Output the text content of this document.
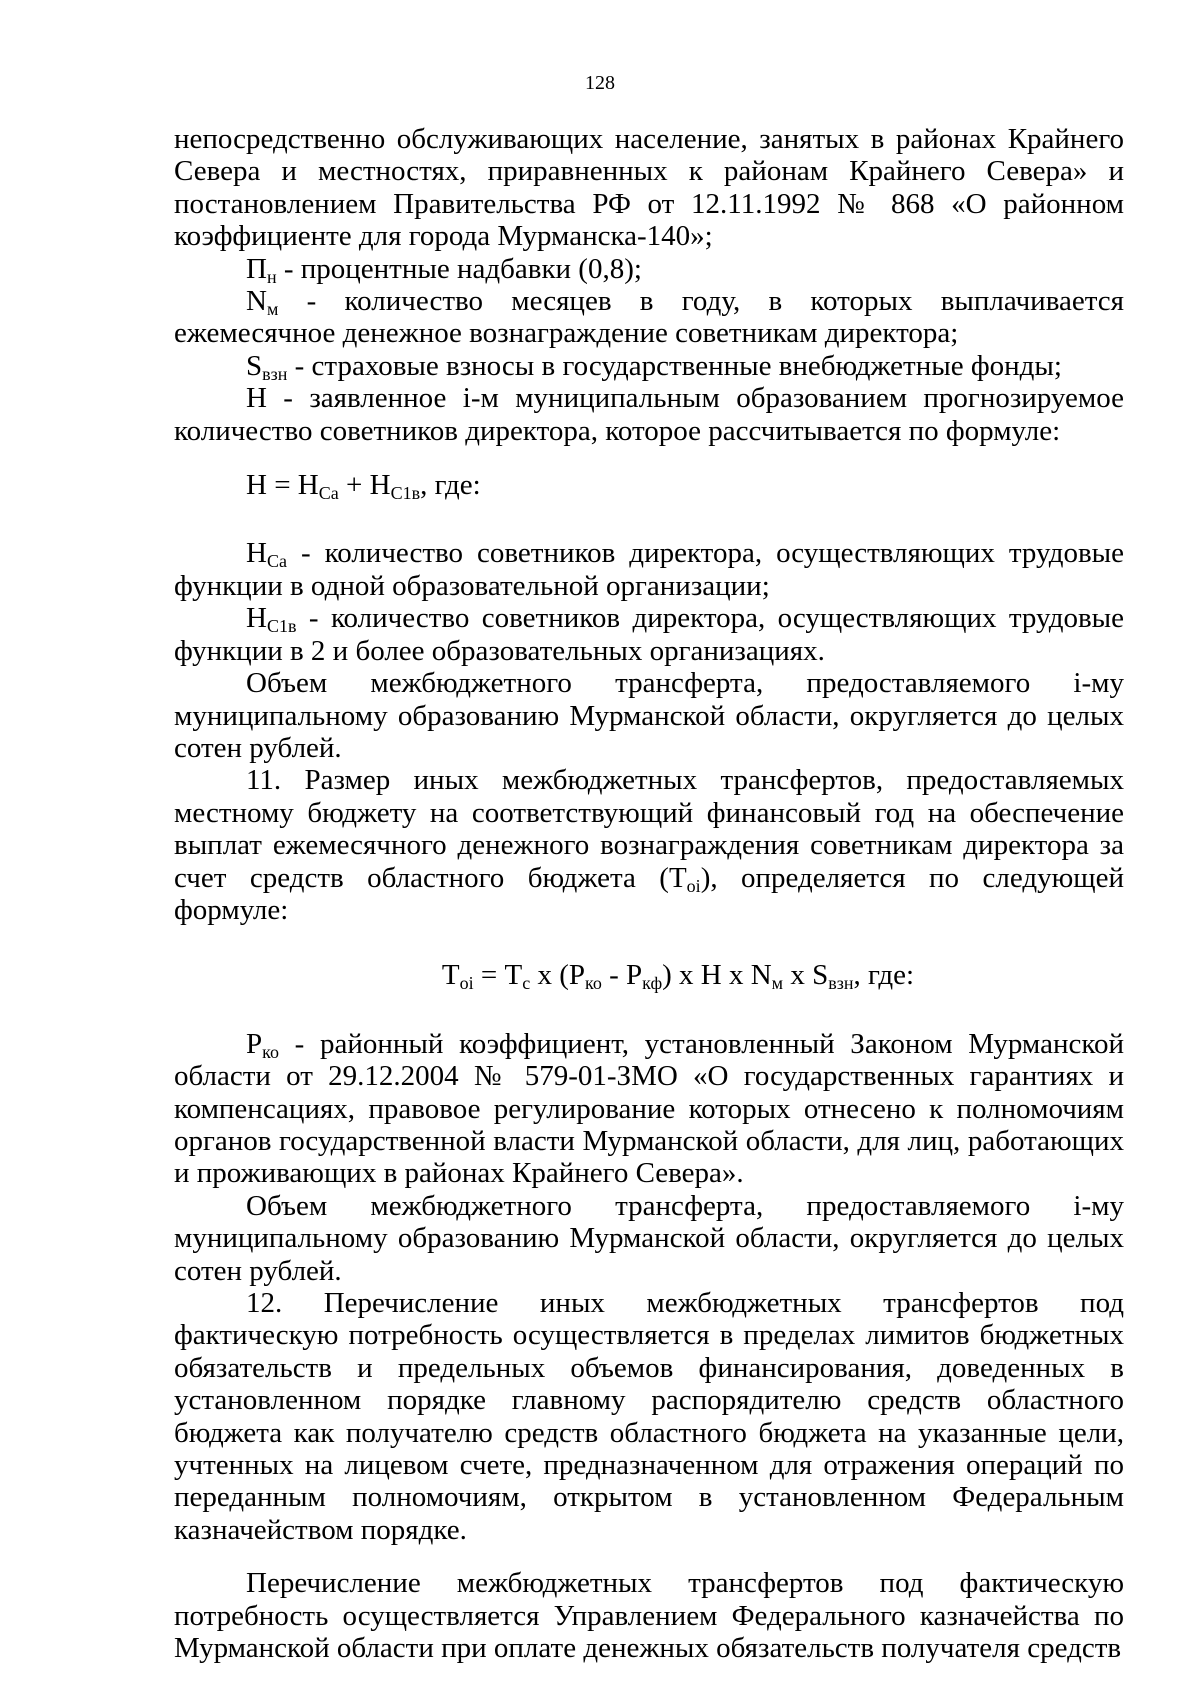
128

непосредственно обслуживающих население, занятых в районах Крайнего Севера и местностях, приравненных к районам Крайнего Севера» и постановлением Правительства РФ от 12.11.1992 № 868 «О районном коэффициенте для города Мурманска-140»;

$П_н$ - процентные надбавки (0,8);

$N_м$ - количество месяцев в году, в которых выплачивается ежемесячное денежное вознаграждение советникам директора;

$S_{взн}$ - страховые взносы в государственные внебюджетные фонды;

Н - заявленное i-м муниципальным образованием прогнозируемое количество советников директора, которое рассчитывается по формуле:

$Н = Н_{Са} + Н_{С1в}$, где:

$Н_{Са}$ - количество советников директора, осуществляющих трудовые функции в одной образовательной организации;

$Н_{С1в}$ - количество советников директора, осуществляющих трудовые функции в 2 и более образовательных организациях.

Объем межбюджетного трансферта, предоставляемого i-му муниципальному образованию Мурманской области, округляется до целых сотен рублей.

11. Размер иных межбюджетных трансфертов, предоставляемых местному бюджету на соответствующий финансовый год на обеспечение выплат ежемесячного денежного вознаграждения советникам директора за счет средств областного бюджета $(Т_{оi})$, определяется по следующей формуле:

$Т_{оi} = Т_с$ х $(Р_{ко} - Р_{кф})$ х Н х $N_м$ х $S_{взн}$, где:

$Р_{ко}$ - районный коэффициент, установленный Законом Мурманской области от 29.12.2004 № 579-01-ЗМО «О государственных гарантиях и компенсациях, правовое регулирование которых отнесено к полномочиям органов государственной власти Мурманской области, для лиц, работающих и проживающих в районах Крайнего Севера».

Объем межбюджетного трансферта, предоставляемого i-му муниципальному образованию Мурманской области, округляется до целых сотен рублей.

12. Перечисление иных межбюджетных трансфертов под фактическую потребность осуществляется в пределах лимитов бюджетных обязательств и предельных объемов финансирования, доведенных в установленном порядке главному распорядителю средств областного бюджета как получателю средств областного бюджета на указанные цели, учтенных на лицевом счете, предназначенном для отражения операций по переданным полномочиям, открытом в установленном Федеральным казначейством порядке.

Перечисление межбюджетных трансфертов под фактическую потребность осуществляется Управлением Федерального казначейства по Мурманской области при оплате денежных обязательств получателя средств
